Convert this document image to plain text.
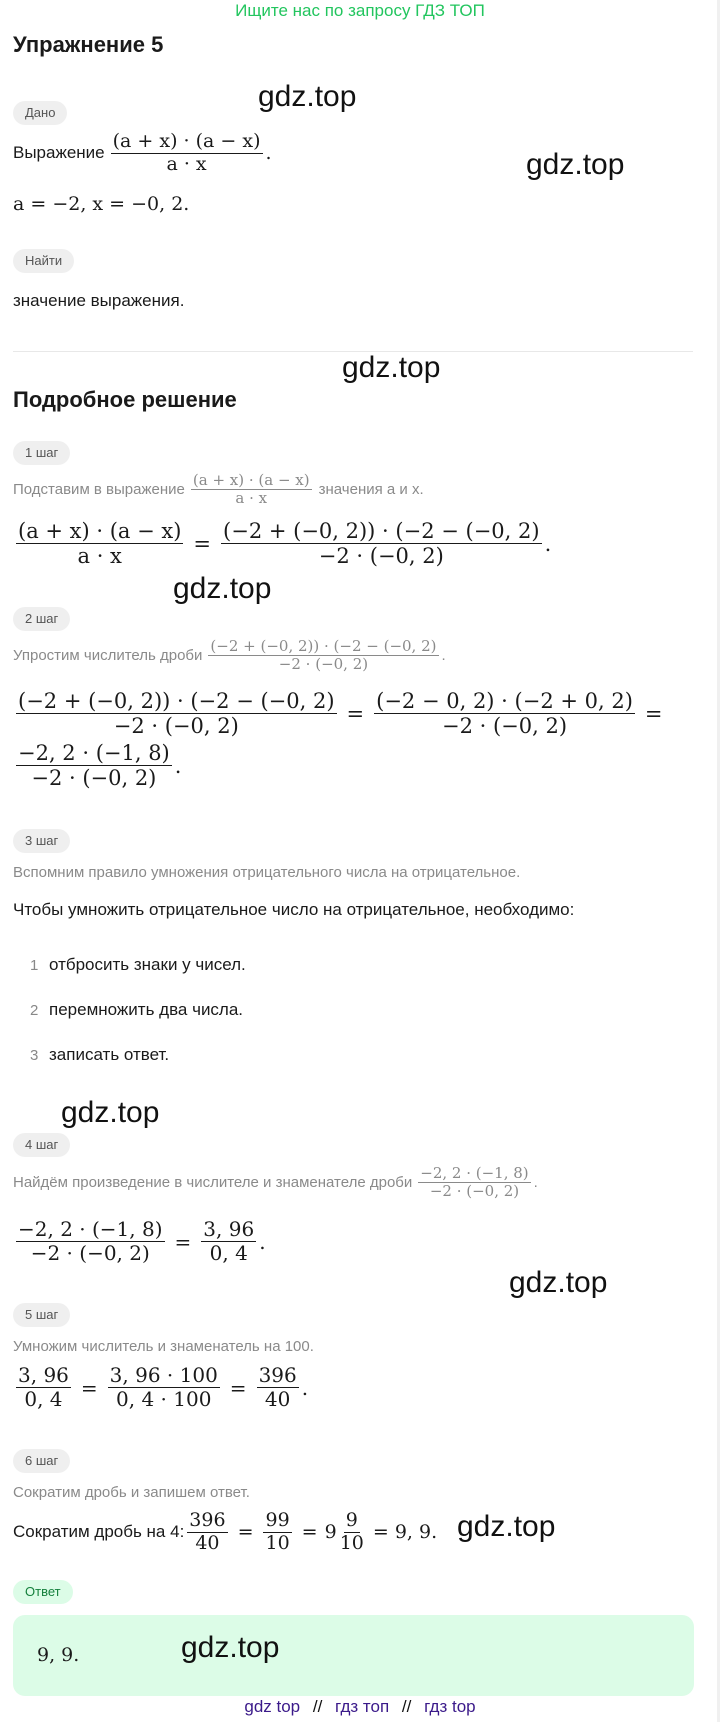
Ищите нас по запросу ГДЗ ТОП
Упражнение 5
gdz.top
gdz.top
Дано
Выражение $\frac{(a + x) \cdot (a - x)}{a \cdot x}$ .
a = −2, x = −0, 2.
Найти
значение выражения.
gdz.top
Подробное решение
1 шаг
Подставим в выражение $\frac{(a + x) \cdot (a - x)}{a \cdot x}$ значения a и x.
$\frac{(a + x) \cdot (a - x)}{a \cdot x} = \frac{(-2 + (-0, 2)) \cdot (-2 - (-0, 2)}{-2 \cdot (-0, 2)}$ .
gdz.top
2 шаг
Упростим числитель дроби $\frac{(-2 + (-0, 2)) \cdot (-2 - (-0, 2)}{-2 \cdot (-0, 2)}$ .
$\frac{(-2 + (-0, 2)) \cdot (-2 - (-0, 2)}{-2 \cdot (-0, 2)} = \frac{(-2 - 0, 2) \cdot (-2 + 0, 2)}{-2 \cdot (-0, 2)}$ =
$\frac{-2, 2 \cdot (-1, 8)}{-2 \cdot (-0, 2)}$ .
3 шаг
Вспомним правило умножения отрицательного числа на отрицательное.
Чтобы умножить отрицательное число на отрицательное, необходимо:
1 отбросить знаки у чисел.
2 перемножить два числа.
3 записать ответ.
gdz.top
4 шаг
Найдём произведение в числителе и знаменателе дроби $\frac{-2, 2 \cdot (-1, 8)}{-2 \cdot (-0, 2)}$ .
$\frac{-2, 2 \cdot (-1, 8)}{-2 \cdot (-0, 2)} = \frac{3, 96}{0, 4}$ .
gdz.top
5 шаг
Умножим числитель и знаменатель на 100.
$\frac{3, 96}{0, 4} = \frac{3, 96 \cdot 100}{0, 4 \cdot 100} = \frac{396}{40}$ .
6 шаг
Сократим дробь и запишем ответ.
Сократим дробь на 4: $\frac{396}{40} = \frac{99}{10} = 9 \frac{9}{10} = 9$, 9. gdz.top
Ответ
9, 9.	gdz.top
gdz top // гдз топ // гдз top
